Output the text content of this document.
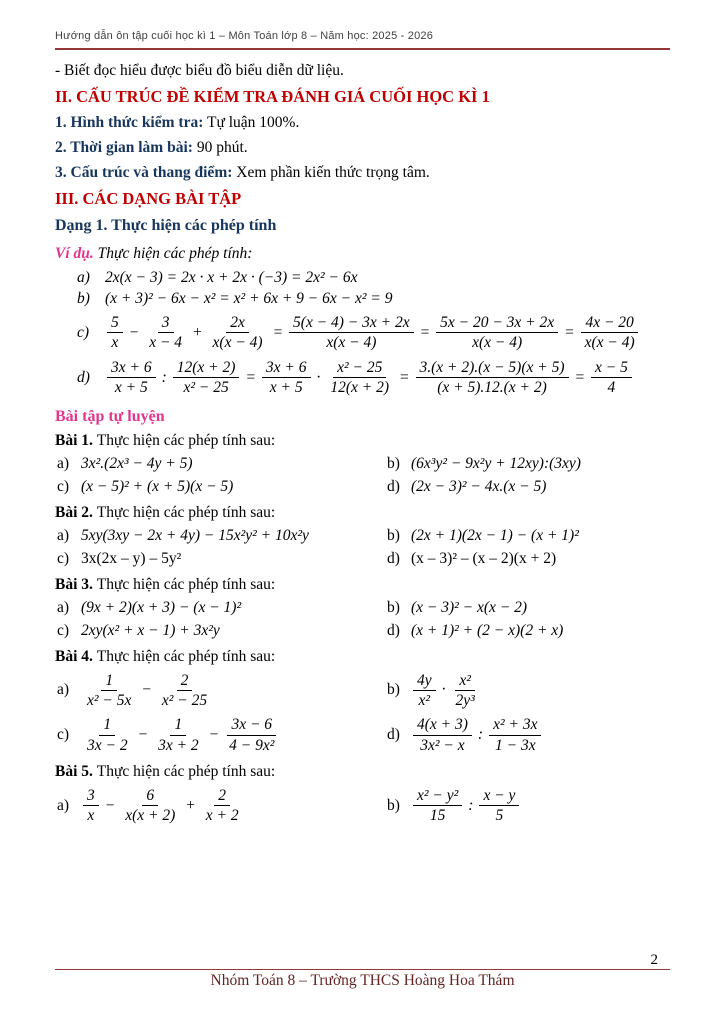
Hướng dẫn ôn tập cuối học kì 1 – Môn Toán lớp 8 – Năm học: 2025 - 2026
- Biết đọc hiểu được biểu đồ biểu diễn dữ liệu.
II. CẤU TRÚC ĐỀ KIỂM TRA ĐÁNH GIÁ CUỐI HỌC KÌ 1
1. Hình thức kiểm tra: Tự luận 100%.
2. Thời gian làm bài: 90 phút.
3. Cấu trúc và thang điểm: Xem phần kiến thức trọng tâm.
III. CÁC DẠNG BÀI TẬP
Dạng 1. Thực hiện các phép tính
Ví dụ. Thực hiện các phép tính:
a) 2x(x − 3) = 2x · x + 2x · (−3) = 2x² − 6x
b) (x + 3)² − 6x − x² = x² + 6x + 9 − 6x − x² = 9
c)	$\frac{5}{x} - \frac{3}{x - 4} + \frac{2x}{x(x - 4)} = \frac{5(x - 4) - 3x + 2x}{x(x - 4)} = \frac{5x - 20 - 3x + 2x}{x(x - 4)} = \frac{4x - 20}{x(x - 4)}$
d)	$\frac{3x + 6}{x + 5}$ : $\frac{12(x + 2)}{\text{x² − 25}} = \frac{3x + 6}{x + 5} \cdot \frac{\text{x² − 25}}{12(x + 2)} = \frac{3.(x + 2).(x - 5)(x + 5)}{(x + 5).12.(x + 2)} = \frac{x - 5}{4}$
Bài tập tự luyện
Bài 1. Thực hiện các phép tính sau:
a) 3x².(2x³ − 4y + 5)	b) (6x³y² − 9x²y + 12xy):(3xy)
c) (x − 5)² + (x + 5)(x − 5)	d) (2x − 3)² − 4x.(x − 5)
Bài 2. Thực hiện các phép tính sau:
a) 5xy(3xy − 2x + 4y) − 15x²y² + 10x²y	b) (2x + 1)(2x − 1) − (x + 1)²
c) 3x(2x – y) – 5y²	d) (x – 3)² – (x – 2)(x + 2)
Bài 3. Thực hiện các phép tính sau:
a) (9x + 2)(x + 3) − (x − 1)²	b) (x − 3)² − x(x − 2)
c) 2xy(x² + x − 1) + 3x²y	d) (x + 1)² + (2 − x)(2 + x)
Bài 4. Thực hiện các phép tính sau:
$a) \frac{1}{\text{x² − 5x}} - \frac{2}{\text{x² − 25}}$	$b) \frac{4y}{\text{x²}} \cdot \frac{\text{x²}}{\text{2y³}}$
$c) \frac{1}{3x - 2} - \frac{1}{3x + 2} - \frac{3x - 6}{\text{4 − 9x²}}$	$d) \frac{4(x + 3)}{\text{3x² − x}}$ : $\frac{\text{x² + 3x}}{1 - 3x}$
Bài 5. Thực hiện các phép tính sau:
$a) \frac{3}{x} - \frac{6}{x(x + 2)} + \frac{2}{x + 2}$	$b) \frac{\text{x² − y²}}{15}$ : $\frac{x - y}{5}$
2
Nhóm Toán 8 – Trường THCS Hoàng Hoa Thám
